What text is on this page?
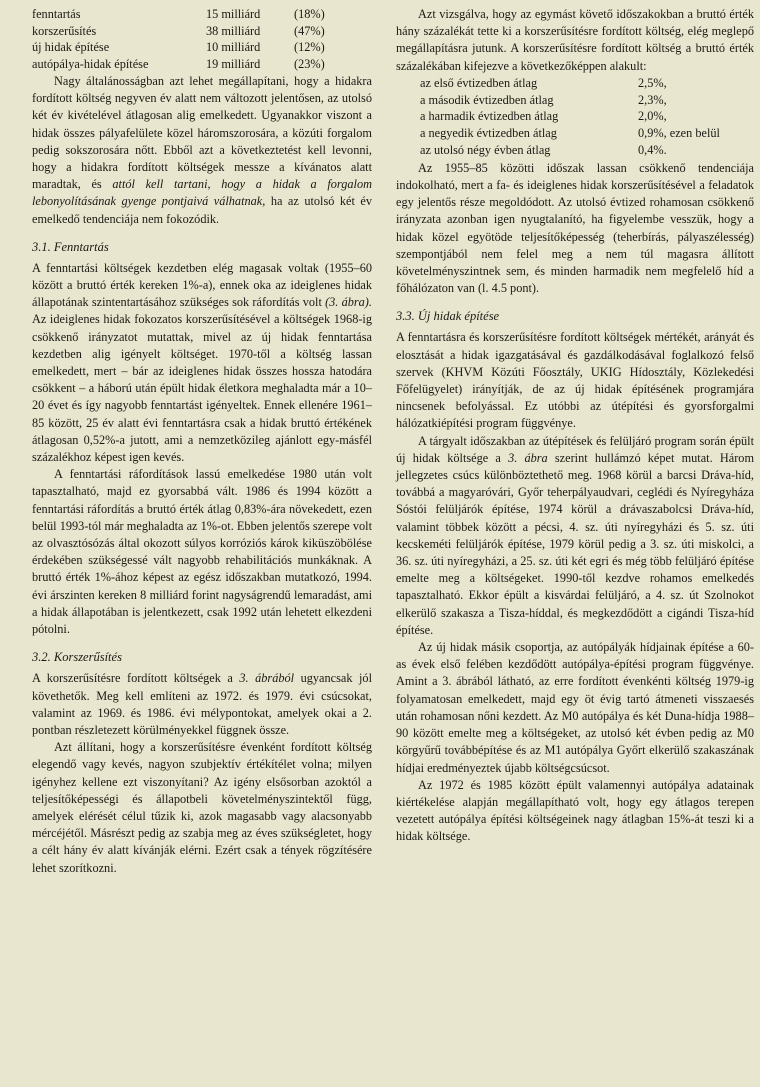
fenntartás	15 milliárd	(18%)
korszerűsítés	38 milliárd	(47%)
új hidak építése	10 milliárd	(12%)
autópálya-hidak építése	19 milliárd	(23%)

Nagy általánosságban azt lehet megállapítani, hogy a hidakra fordított költség negyven év alatt nem változott jelentősen, az utolsó két év kivételével átlagosan alig emelkedett. Ugyanakkor viszont a hidak összes pályafelülete közel háromszorosára, a közúti forgalom pedig sokszorosára nőtt. Ebből azt a következtetést kell levonni, hogy a hidakra fordított költségek messze a kívánatos alatt maradtak, és attól kell tartani, hogy a hidak a forgalom lebonyolításának gyenge pontjaivá válhatnak, ha az utolsó két év emelkedő tendenciája nem fokozódik.

3.1. Fenntartás

A fenntartási költségek kezdetben elég magasak voltak (1955–60 között a bruttó érték kereken 1%-a), ennek oka az ideiglenes hidak állapotának szintentartásához szükséges sok ráfordítás volt (3. ábra). Az ideiglenes hidak fokozatos korszerűsítésével a költségek 1968-ig csökkenő irányzatot mutattak, mivel az új hidak fenntartása kezdetben alig igényelt költséget. 1970-től a költség lassan emelkedett, mert – bár az ideiglenes hidak összes hossza hatodára csökkent – a háború után épült hidak életkora meghaladta már a 10–20 évet és így nagyobb fenntartást igényeltek. Ennek ellenére 1961–85 között, 25 év alatt évi fenntartásra csak a hidak bruttó értékének átlagosan 0,52%-a jutott, ami a nemzetközileg ajánlott egy-másfél százalékhoz képest igen kevés.

A fenntartási ráfordítások lassú emelkedése 1980 után volt tapasztalható, majd ez gyorsabbá vált. 1986 és 1994 között a fenntartási ráfordítás a bruttó érték átlag 0,83%-ára növekedett, ezen belül 1993-tól már meghaladta az 1%-ot. Ebben jelentős szerepe volt az olvasztósózás által okozott súlyos korróziós károk kiküszöbölése érdekében szükségessé vált nagyobb rehabilitációs munkáknak. A bruttó érték 1%-ához képest az egész időszakban mutatkozó, 1994. évi árszinten kereken 8 milliárd forint nagyságrendű lemaradást, ami a hidak állapotában is jelentkezett, csak 1992 után lehetett elkezdeni pótolni.

3.2. Korszerűsítés

A korszerűsítésre fordított költségek a 3. ábrából ugyancsak jól követhetők. Meg kell említeni az 1972. és 1979. évi csúcsokat, valamint az 1969. és 1986. évi mélypontokat, amelyek okai a 2. pontban részletezett körülményekkel függnek össze.

Azt állítani, hogy a korszerűsítésre évenként fordított költség elegendő vagy kevés, nagyon szubjektív értékítélet volna; milyen igényhez kellene ezt viszonyítani? Az igény elsősorban azoktól a teljesítőképességi és állapotbeli követelményszintektől függ, amelyek elérését célul tűzik ki, azok magasabb vagy alacsonyabb mércéjétől. Másrészt pedig az szabja meg az éves szükségletet, hogy a célt hány év alatt kívánják elérni. Ezért csak a tények rögzítésére lehet szorítkozni.

Azt vizsgálva, hogy az egymást követő időszakokban a bruttó érték hány százalékát tette ki a korszerűsítésre fordított költség, elég meglepő megállapításra jutunk. A korszerűsítésre fordított költség a bruttó érték százalékában kifejezve a következőképpen alakult:

az első évtizedben átlag	2,5%,
a második évtizedben átlag	2,3%,
a harmadik évtizedben átlag	2,0%,
a negyedik évtizedben átlag	0,9%, ezen belül
az utolsó négy évben átlag	0,4%.

Az 1955–85 közötti időszak lassan csökkenő tendenciája indokolható, mert a fa- és ideiglenes hidak korszerűsítésével a feladatok egy jelentős része megoldódott. Az utolsó évtized rohamosan csökkenő irányzata azonban igen nyugtalanító, ha figyelembe vesszük, hogy a hidak közel egyötöde teljesítőképesség (teherbírás, pályaszélesség) szempontjából nem felel meg a nem túl magasra állított követelményszintnek sem, és minden harmadik nem megfelelő híd a főhálózaton van (l. 4.5 pont).

3.3. Új hidak építése

A fenntartásra és korszerűsítésre fordított költségek mértékét, arányát és elosztását a hidak igazgatásával és gazdálkodásával foglalkozó felső szervek (KHVM Közúti Főosztály, UKIG Hídosztály, Közlekedési Főfelügyelet) irányítják, de az új hidak építésének programjára nincsenek befolyással. Ez utóbbi az útépítési és gyorsforgalmi hálózatkiépítési program függvénye.

A tárgyalt időszakban az útépítések és felüljáró program során épült új hidak költsége a 3. ábra szerint hullámzó képet mutat. Három jellegzetes csúcs különböztethető meg. 1968 körül a barcsi Dráva-híd, továbbá a magyaróvári, Győr teherpályaudvari, ceglédi és Nyíregyháza Sóstói felüljárók építése, 1974 körül a drávaszabolcsi Dráva-híd, valamint többek között a pécsi, 4. sz. úti nyíregyházi és 5. sz. úti kecskeméti felüljárók építése, 1979 körül pedig a 3. sz. úti miskolci, a 36. sz. úti nyíregyházi, a 25. sz. úti két egri és még több felüljáró építése emelte meg a költségeket. 1990-től kezdve rohamos emelkedés tapasztalható. Ekkor épült a kisvárdai felüljáró, a 4. sz. út Szolnokot elkerülő szakasza a Tisza-híddal, és megkezdődött a cigándi Tisza-híd építése.

Az új hidak másik csoportja, az autópályák hídjainak építése a 60-as évek első felében kezdődött autópálya-építési program függvénye. Amint a 3. ábrából látható, az erre fordított évenkénti költség 1979-ig folyamatosan emelkedett, majd egy öt évig tartó átmeneti visszaesés után rohamosan nőni kezdett. Az M0 autópálya és két Duna-hídja 1988–90 között emelte meg a költségeket, az utolsó két évben pedig az M0 körgyűrű továbbépítése és az M1 autópálya Győrt elkerülő szakaszának hídjai eredményeztek újabb költségcsúcsot.

Az 1972 és 1985 között épült valamennyi autópálya adatainak kiértékelése alapján megállapítható volt, hogy egy átlagos terepen vezetett autópálya építési költségeinek nagy átlagban 15%-át teszi ki a hidak költsége.
